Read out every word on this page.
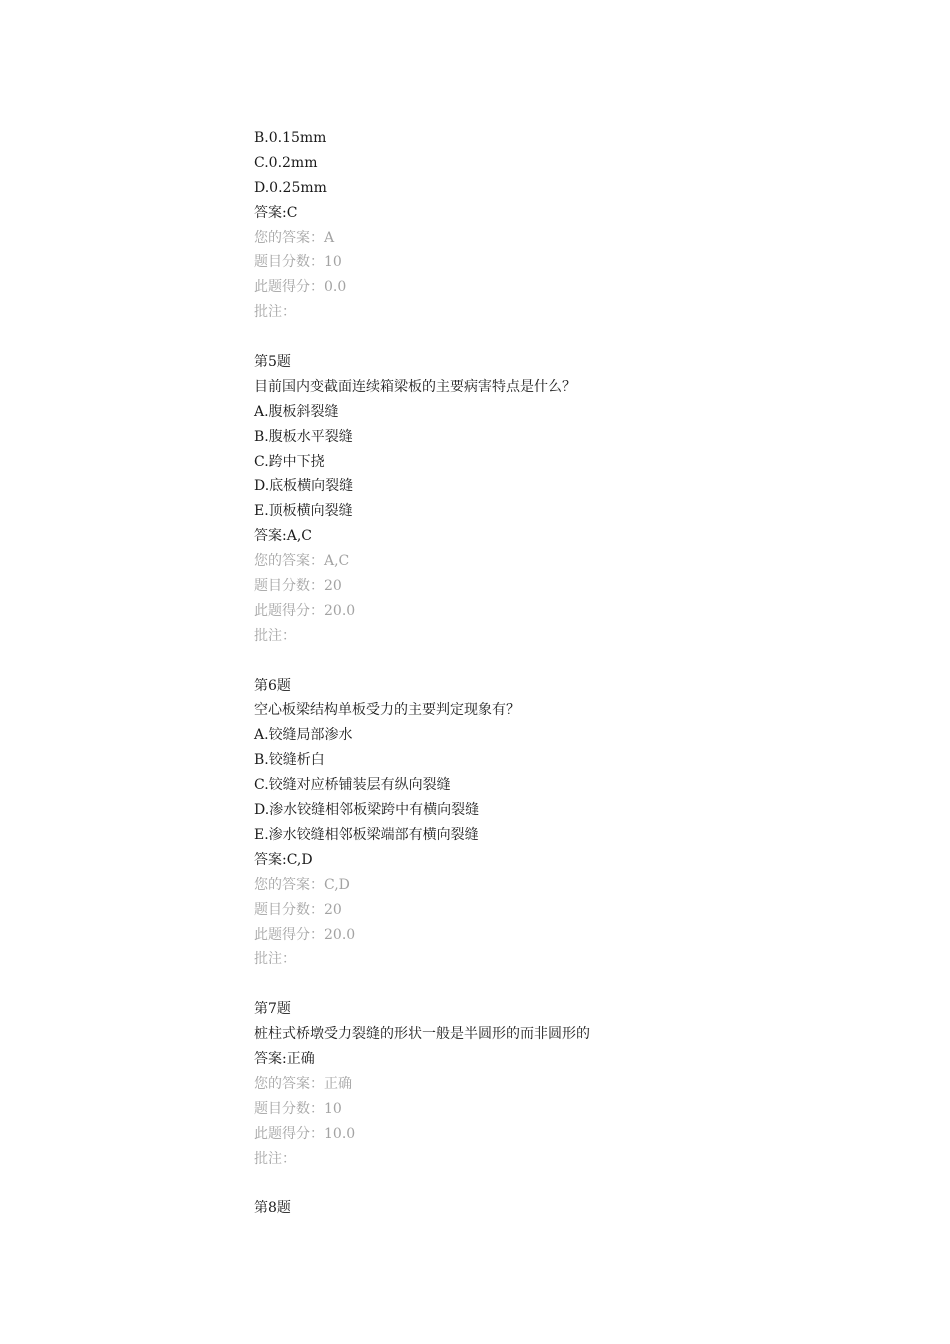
B.0.15mm
C.0.2mm
D.0.25mm
答案:C
您的答案：A
题目分数：10
此题得分：0.0
批注：
第5题
目前国内变截面连续箱梁板的主要病害特点是什么？
A.腹板斜裂缝
B.腹板水平裂缝
C.跨中下挠
D.底板横向裂缝
E.顶板横向裂缝
答案:A,C
您的答案：A,C
题目分数：20
此题得分：20.0
批注：
第6题
空心板梁结构单板受力的主要判定现象有？
A.铰缝局部渗水
B.铰缝析白
C.铰缝对应桥铺装层有纵向裂缝
D.渗水铰缝相邻板梁跨中有横向裂缝
E.渗水铰缝相邻板梁端部有横向裂缝
答案:C,D
您的答案：C,D
题目分数：20
此题得分：20.0
批注：
第7题
桩柱式桥墩受力裂缝的形状一般是半圆形的而非圆形的
答案:正确
您的答案：正确
题目分数：10
此题得分：10.0
批注：
第8题
